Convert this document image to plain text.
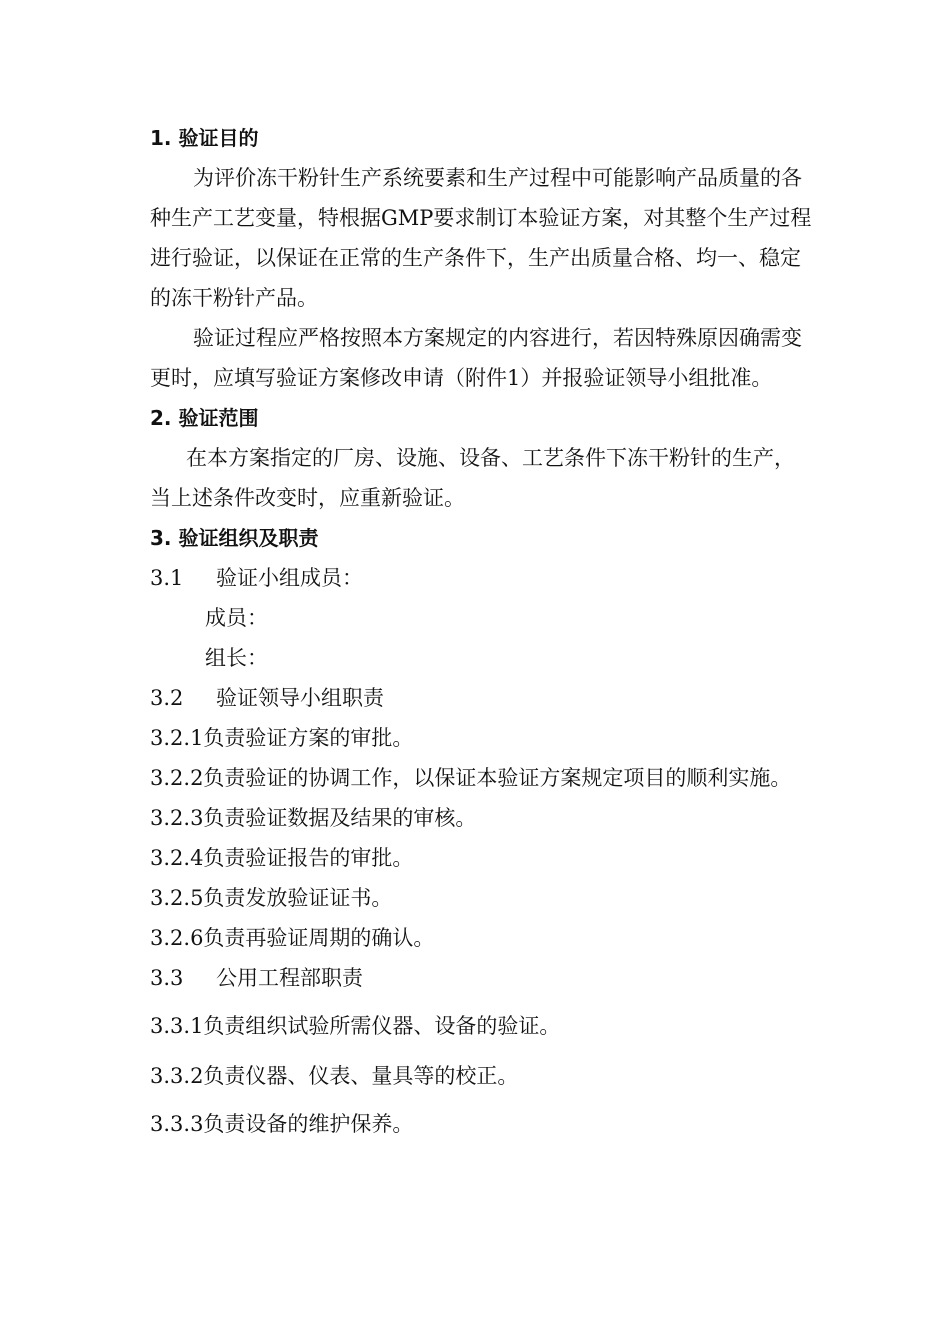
1. 验证目的
为评价冻干粉针生产系统要素和生产过程中可能影响产品质量的各
种生产工艺变量，特根据GMP要求制订本验证方案，对其整个生产过程
进行验证，以保证在正常的生产条件下，生产出质量合格、均一、稳定
的冻干粉针产品。
验证过程应严格按照本方案规定的内容进行，若因特殊原因确需变
更时，应填写验证方案修改申请（附件1）并报验证领导小组批准。
2. 验证范围
在本方案指定的厂房、设施、设备、工艺条件下冻干粉针的生产，
当上述条件改变时，应重新验证。
3. 验证组织及职责
3.1 验证小组成员：
成员：
组长：
3.2 验证领导小组职责
3.2.1负责验证方案的审批。
3.2.2负责验证的协调工作，以保证本验证方案规定项目的顺利实施。
3.2.3负责验证数据及结果的审核。
3.2.4负责验证报告的审批。
3.2.5负责发放验证证书。
3.2.6负责再验证周期的确认。
3.3 公用工程部职责
3.3.1负责组织试验所需仪器、设备的验证。
3.3.2负责仪器、仪表、量具等的校正。
3.3.3负责设备的维护保养。
